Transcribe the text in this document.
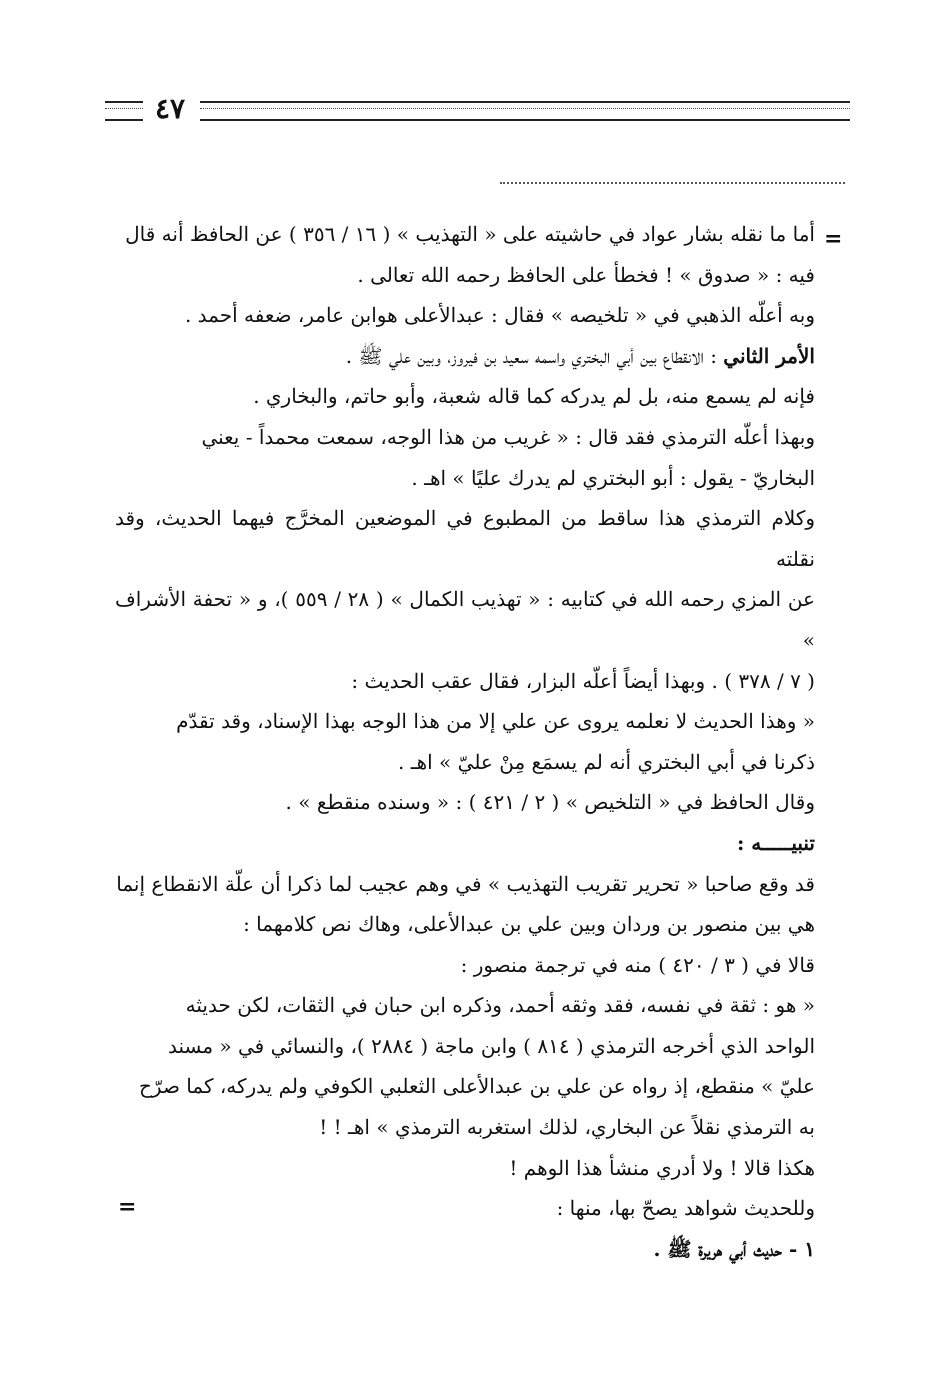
٤٧
=
=

أما ما نقله بشار عواد في حاشيته على « التهذيب » ( ١٦ / ٣٥٦ ) عن الحافظ أنه قال

فيه : « صدوق » ! فخطأ على الحافظ رحمه الله تعالى .

وبه أعلّه الذهبي في « تلخيصه » فقال : عبدالأعلى هوابن عامر، ضعفه أحمد .

الأمر الثاني : الانقطاع بين أبي البختري واسمه سعيد بن فيروز، وبين علي ﷺ .

فإنه لم يسمع منه، بل لم يدركه كما قاله شعبة، وأبو حاتم، والبخاري .

وبهذا أعلّه الترمذي فقد قال : « غريب من هذا الوجه، سمعت محمداً - يعني

البخاريّ - يقول : أبو البختري لم يدرك عليًا » اهـ .

وكلام الترمذي هذا ساقط من المطبوع في الموضعين المخرَّج فيهما الحديث، وقد نقلته

عن المزي رحمه الله في كتابيه : « تهذيب الكمال » ( ٢٨ / ٥٥٩ )، و « تحفة الأشراف »

( ٧ / ٣٧٨ ) . وبهذا أيضاً أعلّه البزار، فقال عقب الحديث :

« وهذا الحديث لا نعلمه يروى عن علي إلا من هذا الوجه بهذا الإسناد، وقد تقدّم

ذكرنا في أبي البختري أنه لم يسمَع مِنْ عليّ » اهـ .

وقال الحافظ في « التلخيص » ( ٢ / ٤٢١ ) : « وسنده منقطع » .

تنبيـــــه :

قد وقع صاحبا « تحرير تقريب التهذيب » في وهم عجيب لما ذكرا أن علّة الانقطاع إنما

هي بين منصور بن وردان وبين علي بن عبدالأعلى، وهاك نص كلامهما :

قالا في ( ٣ / ٤٢٠ ) منه في ترجمة منصور :

« هو : ثقة في نفسه، فقد وثقه أحمد، وذكره ابن حبان في الثقات، لكن حديثه

الواحد الذي أخرجه الترمذي ( ٨١٤ ) وابن ماجة ( ٢٨٨٤ )، والنسائي في « مسند

عليّ » منقطع، إذ رواه عن علي بن عبدالأعلى الثعلبي الكوفي ولم يدركه، كما صرّح

به الترمذي نقلاً عن البخاري، لذلك استغربه الترمذي » اهـ ! !

هكذا قالا ! ولا أدري منشأ هذا الوهم !

وللحديث شواهد يصحّ بها، منها :

١ - حديث أبي هريرة ﷺ .
